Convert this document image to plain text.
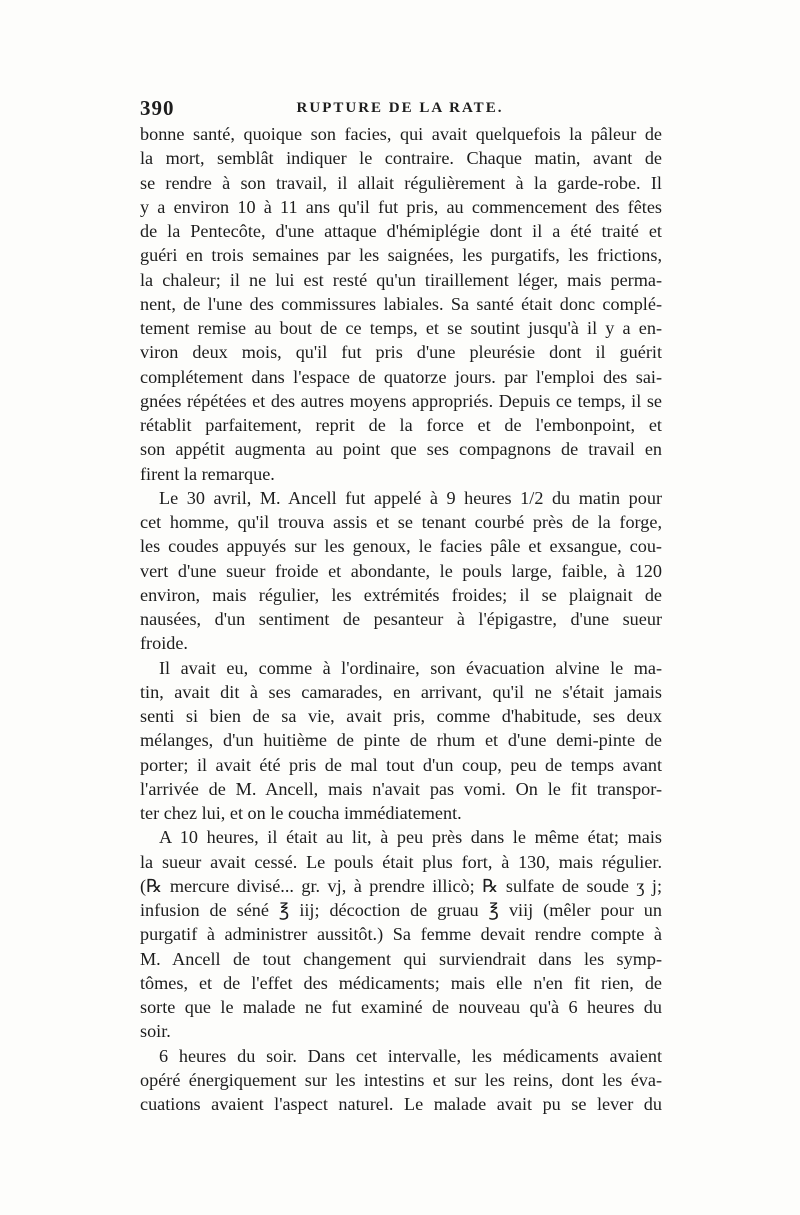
390	RUPTURE DE LA RATE.
bonne santé, quoique son facies, qui avait quelquefois la pâleur de
la mort, semblât indiquer le contraire. Chaque matin, avant de
se rendre à son travail, il allait régulièrement à la garde-robe. Il
y a environ 10 à 11 ans qu'il fut pris, au commencement des fêtes
de la Pentecôte, d'une attaque d'hémiplégie dont il a été traité et
guéri en trois semaines par les saignées, les purgatifs, les frictions,
la chaleur; il ne lui est resté qu'un tiraillement léger, mais perma-
nent, de l'une des commissures labiales. Sa santé était donc complé-
tement remise au bout de ce temps, et se soutint jusqu'à il y a en-
viron deux mois, qu'il fut pris d'une pleurésie dont il guérit
complétement dans l'espace de quatorze jours. par l'emploi des sai-
gnées répétées et des autres moyens appropriés. Depuis ce temps, il se
rétablit parfaitement, reprit de la force et de l'embonpoint, et
son appétit augmenta au point que ses compagnons de travail en
firent la remarque.
Le 30 avril, M. Ancell fut appelé à 9 heures 1/2 du matin pour
cet homme, qu'il trouva assis et se tenant courbé près de la forge,
les coudes appuyés sur les genoux, le facies pâle et exsangue, cou-
vert d'une sueur froide et abondante, le pouls large, faible, à 120
environ, mais régulier, les extrémités froides; il se plaignait de
nausées, d'un sentiment de pesanteur à l'épigastre, d'une sueur
froide.
Il avait eu, comme à l'ordinaire, son évacuation alvine le ma-
tin, avait dit à ses camarades, en arrivant, qu'il ne s'était jamais
senti si bien de sa vie, avait pris, comme d'habitude, ses deux
mélanges, d'un huitième de pinte de rhum et d'une demi-pinte de
porter; il avait été pris de mal tout d'un coup, peu de temps avant
l'arrivée de M. Ancell, mais n'avait pas vomi. On le fit transpor-
ter chez lui, et on le coucha immédiatement.
A 10 heures, il était au lit, à peu près dans le même état; mais
la sueur avait cessé. Le pouls était plus fort, à 130, mais régulier.
(℞ mercure divisé... gr. vj, à prendre illicò; ℞ sulfate de soude ʒ j;
infusion de séné ℥ iij; décoction de gruau ℥ viij (mêler pour un
purgatif à administrer aussitôt.) Sa femme devait rendre compte à
M. Ancell de tout changement qui surviendrait dans les symp-
tômes, et de l'effet des médicaments; mais elle n'en fit rien, de
sorte que le malade ne fut examiné de nouveau qu'à 6 heures du
soir.
6 heures du soir. Dans cet intervalle, les médicaments avaient
opéré énergiquement sur les intestins et sur les reins, dont les éva-
cuations avaient l'aspect naturel. Le malade avait pu se lever du
